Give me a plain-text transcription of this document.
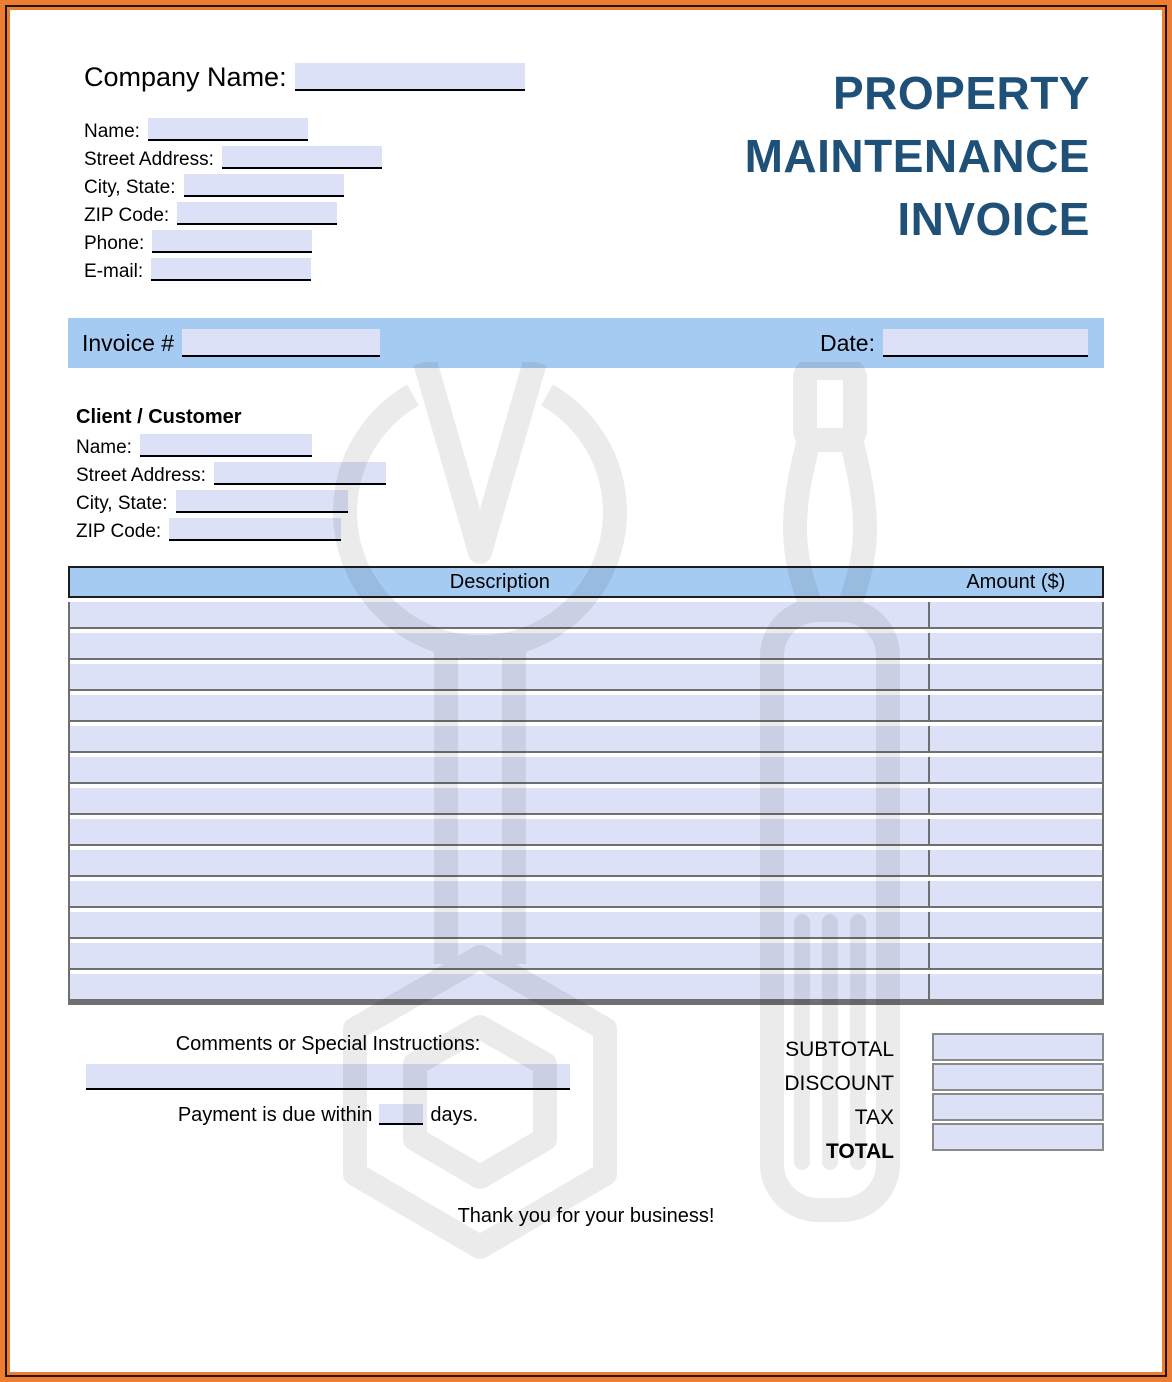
Company Name:
Name:
Street Address:
City, State:
ZIP Code:
Phone:
E-mail:
PROPERTY
MAINTENANCE
INVOICE
Invoice #	Date:
Client / Customer
Name:
Street Address:
City, State:
ZIP Code:
Description	Amount ($)
Comments or Special Instructions:
Payment is due within	days.
SUBTOTAL
DISCOUNT
TAX
TOTAL
Thank you for your business!
